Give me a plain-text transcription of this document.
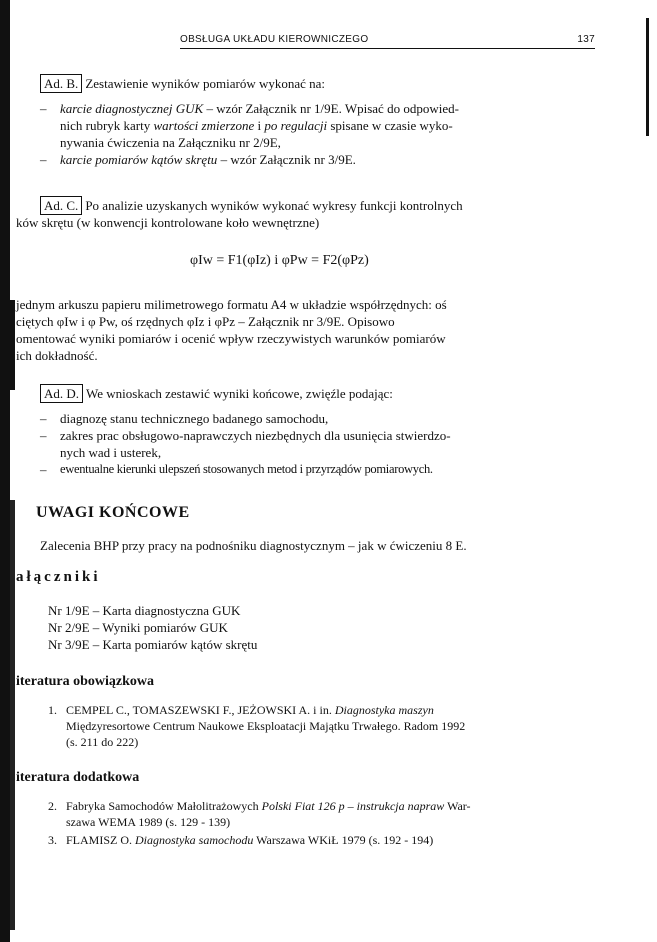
OBSŁUGA UKŁADU KIEROWNICZEGO	137
Ad. B. Zestawienie wyników pomiarów wykonać na:
– karcie diagnostycznej GUK – wzór Załącznik nr 1/9E. Wpisać do odpowied-
nich rubryk karty wartości zmierzone i po regulacji spisane w czasie wyko-
nywania ćwiczenia na Załączniku nr 2/9E,
– karcie pomiarów kątów skrętu – wzór Załącznik nr 3/9E.
Ad. C. Po analizie uzyskanych wyników wykonać wykresy funkcji kontrolnych
ków skrętu (w konwencji kontrolowane koło wewnętrzne)
φIw = F1(φIz) i φPw = F2(φPz)
jednym arkuszu papieru milimetrowego formatu A4 w układzie współrzędnych: oś
ciętych φIw i φ Pw, oś rzędnych φIz i φPz – Załącznik nr 3/9E. Opisowo
omentować wyniki pomiarów i ocenić wpływ rzeczywistych warunków pomiarów
ich dokładność.
Ad. D. We wnioskach zestawić wyniki końcowe, zwięźle podając:
– diagnozę stanu technicznego badanego samochodu,
– zakres prac obsługowo-naprawczych niezbędnych dla usunięcia stwierdzo-
nych wad i usterek,
– ewentualne kierunki ulepszeń stosowanych metod i przyrządów pomiarowych.
UWAGI KOŃCOWE
Zalecenia BHP przy pracy na podnośniku diagnostycznym – jak w ćwiczeniu 8 E.
ałączniki
Nr 1/9E – Karta diagnostyczna GUK
Nr 2/9E – Wyniki pomiarów GUK
Nr 3/9E – Karta pomiarów kątów skrętu
iteratura obowiązkowa
1. CEMPEL C., TOMASZEWSKI F., JEŻOWSKI A. i in. Diagnostyka maszyn
Międzyresortowe Centrum Naukowe Eksploatacji Majątku Trwałego. Radom 1992
(s. 211 do 222)
iteratura dodatkowa
2. Fabryka Samochodów Małolitrażowych Polski Fiat 126 p – instrukcja napraw War-
szawa WEMA 1989 (s. 129 - 139)
3. FLAMISZ O. Diagnostyka samochodu Warszawa WKiŁ 1979 (s. 192 - 194)
